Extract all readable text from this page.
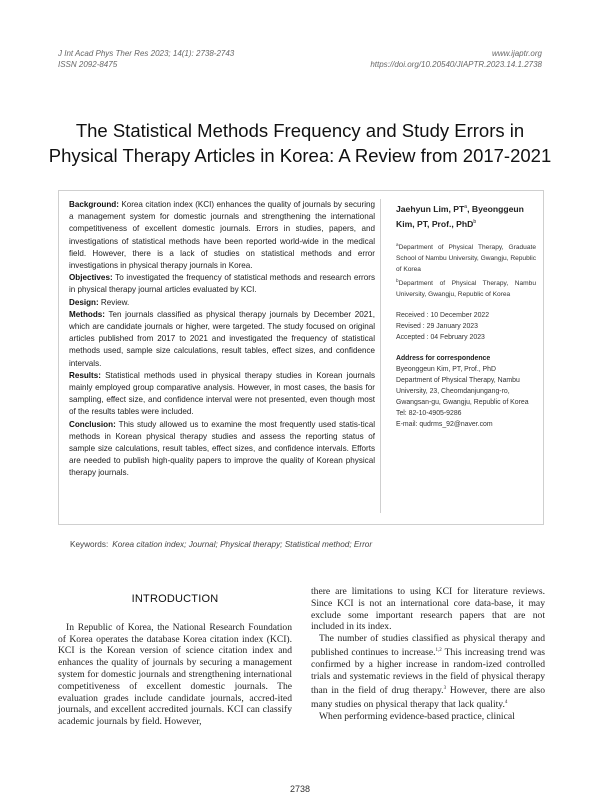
J Int Acad Phys Ther Res 2023; 14(1): 2738-2743
ISSN 2092-8475
www.ijaptr.org
https://doi.org/10.20540/JIAPTR.2023.14.1.2738
The Statistical Methods Frequency and Study Errors in Physical Therapy Articles in Korea: A Review from 2017-2021

Background: Korea citation index (KCI) enhances the quality of journals by securing a management system for domestic journals and strengthening the international competitiveness of excellent domestic journals. Errors in studies, papers, and investigations of statistical methods have been reported world-wide in the medical field. However, there is a lack of studies on statistical methods and error investigations in physical therapy journals in Korea.

Objectives: To investigated the frequency of statistical methods and research errors in physical therapy journal articles evaluated by KCI.

Design: Review.

Methods: Ten journals classified as physical therapy journals by December 2021, which are candidate journals or higher, were targeted. The study focused on original articles published from 2017 to 2021 and investigated the frequency of statistical methods used, sample size calculations, result tables, effect sizes, and confidence intervals.

Results: Statistical methods used in physical therapy studies in Korean journals mainly employed group comparative analysis. However, in most cases, the basis for sampling, effect size, and confidence interval were not presented, even though most of the results tables were included.

Conclusion: This study allowed us to examine the most frequently used statis-tical methods in Korean physical therapy studies and assess the reporting status of sample size calculations, result tables, effect sizes, and confidence intervals. Efforts are needed to publish high-quality papers to improve the quality of Korean physical therapy journals.

Jaehyun Lim, $PT^a$, Byeonggeun Kim, PT, Prof., PhD$^b$
$^a$Department of Physical Therapy, Graduate School of Nambu University, Gwangju, Republic of Korea
$^b$Department of Physical Therapy, Nambu University, Gwangju, Republic of Korea
Received : 10 December 2022
Revised : 29 January 2023
Accepted : 04 February 2023
Address for correspondence
Byeonggeun Kim, PT, Prof., PhD
Department of Physical Therapy, Nambu University, 23, Cheomdanjungang-ro, Gwangsan-gu, Gwangju, Republic of Korea
Tel: 82-10-4905-9286
E-mail: qudrms_92@naver.com
Keywords: Korea citation index; Journal; Physical therapy; Statistical method; Error
INTRODUCTION

In Republic of Korea, the National Research Foundation of Korea operates the database Korea citation index (KCI). KCI is the Korean version of science citation index and enhances the quality of journals by securing a management system for domestic journals and strengthening international competitiveness of excellent domestic journals. The evaluation grades include candidate journals, accred-ited journals, and excellent accredited journals. KCI can classify academic journals by field. However,

there are limitations to using KCI for literature reviews. Since KCI is not an international core data-base, it may exclude some important research papers that are not included in its index.

The number of studies classified as physical therapy and published continues to increase.$^{1,2}$ This increasing trend was confirmed by a higher increase in random-ized controlled trials and systematic reviews in the field of physical therapy than in the field of drug therapy.$^3$ However, there are also many studies on physical therapy that lack quality.$^4$

When performing evidence-based practice, clinical

2738
